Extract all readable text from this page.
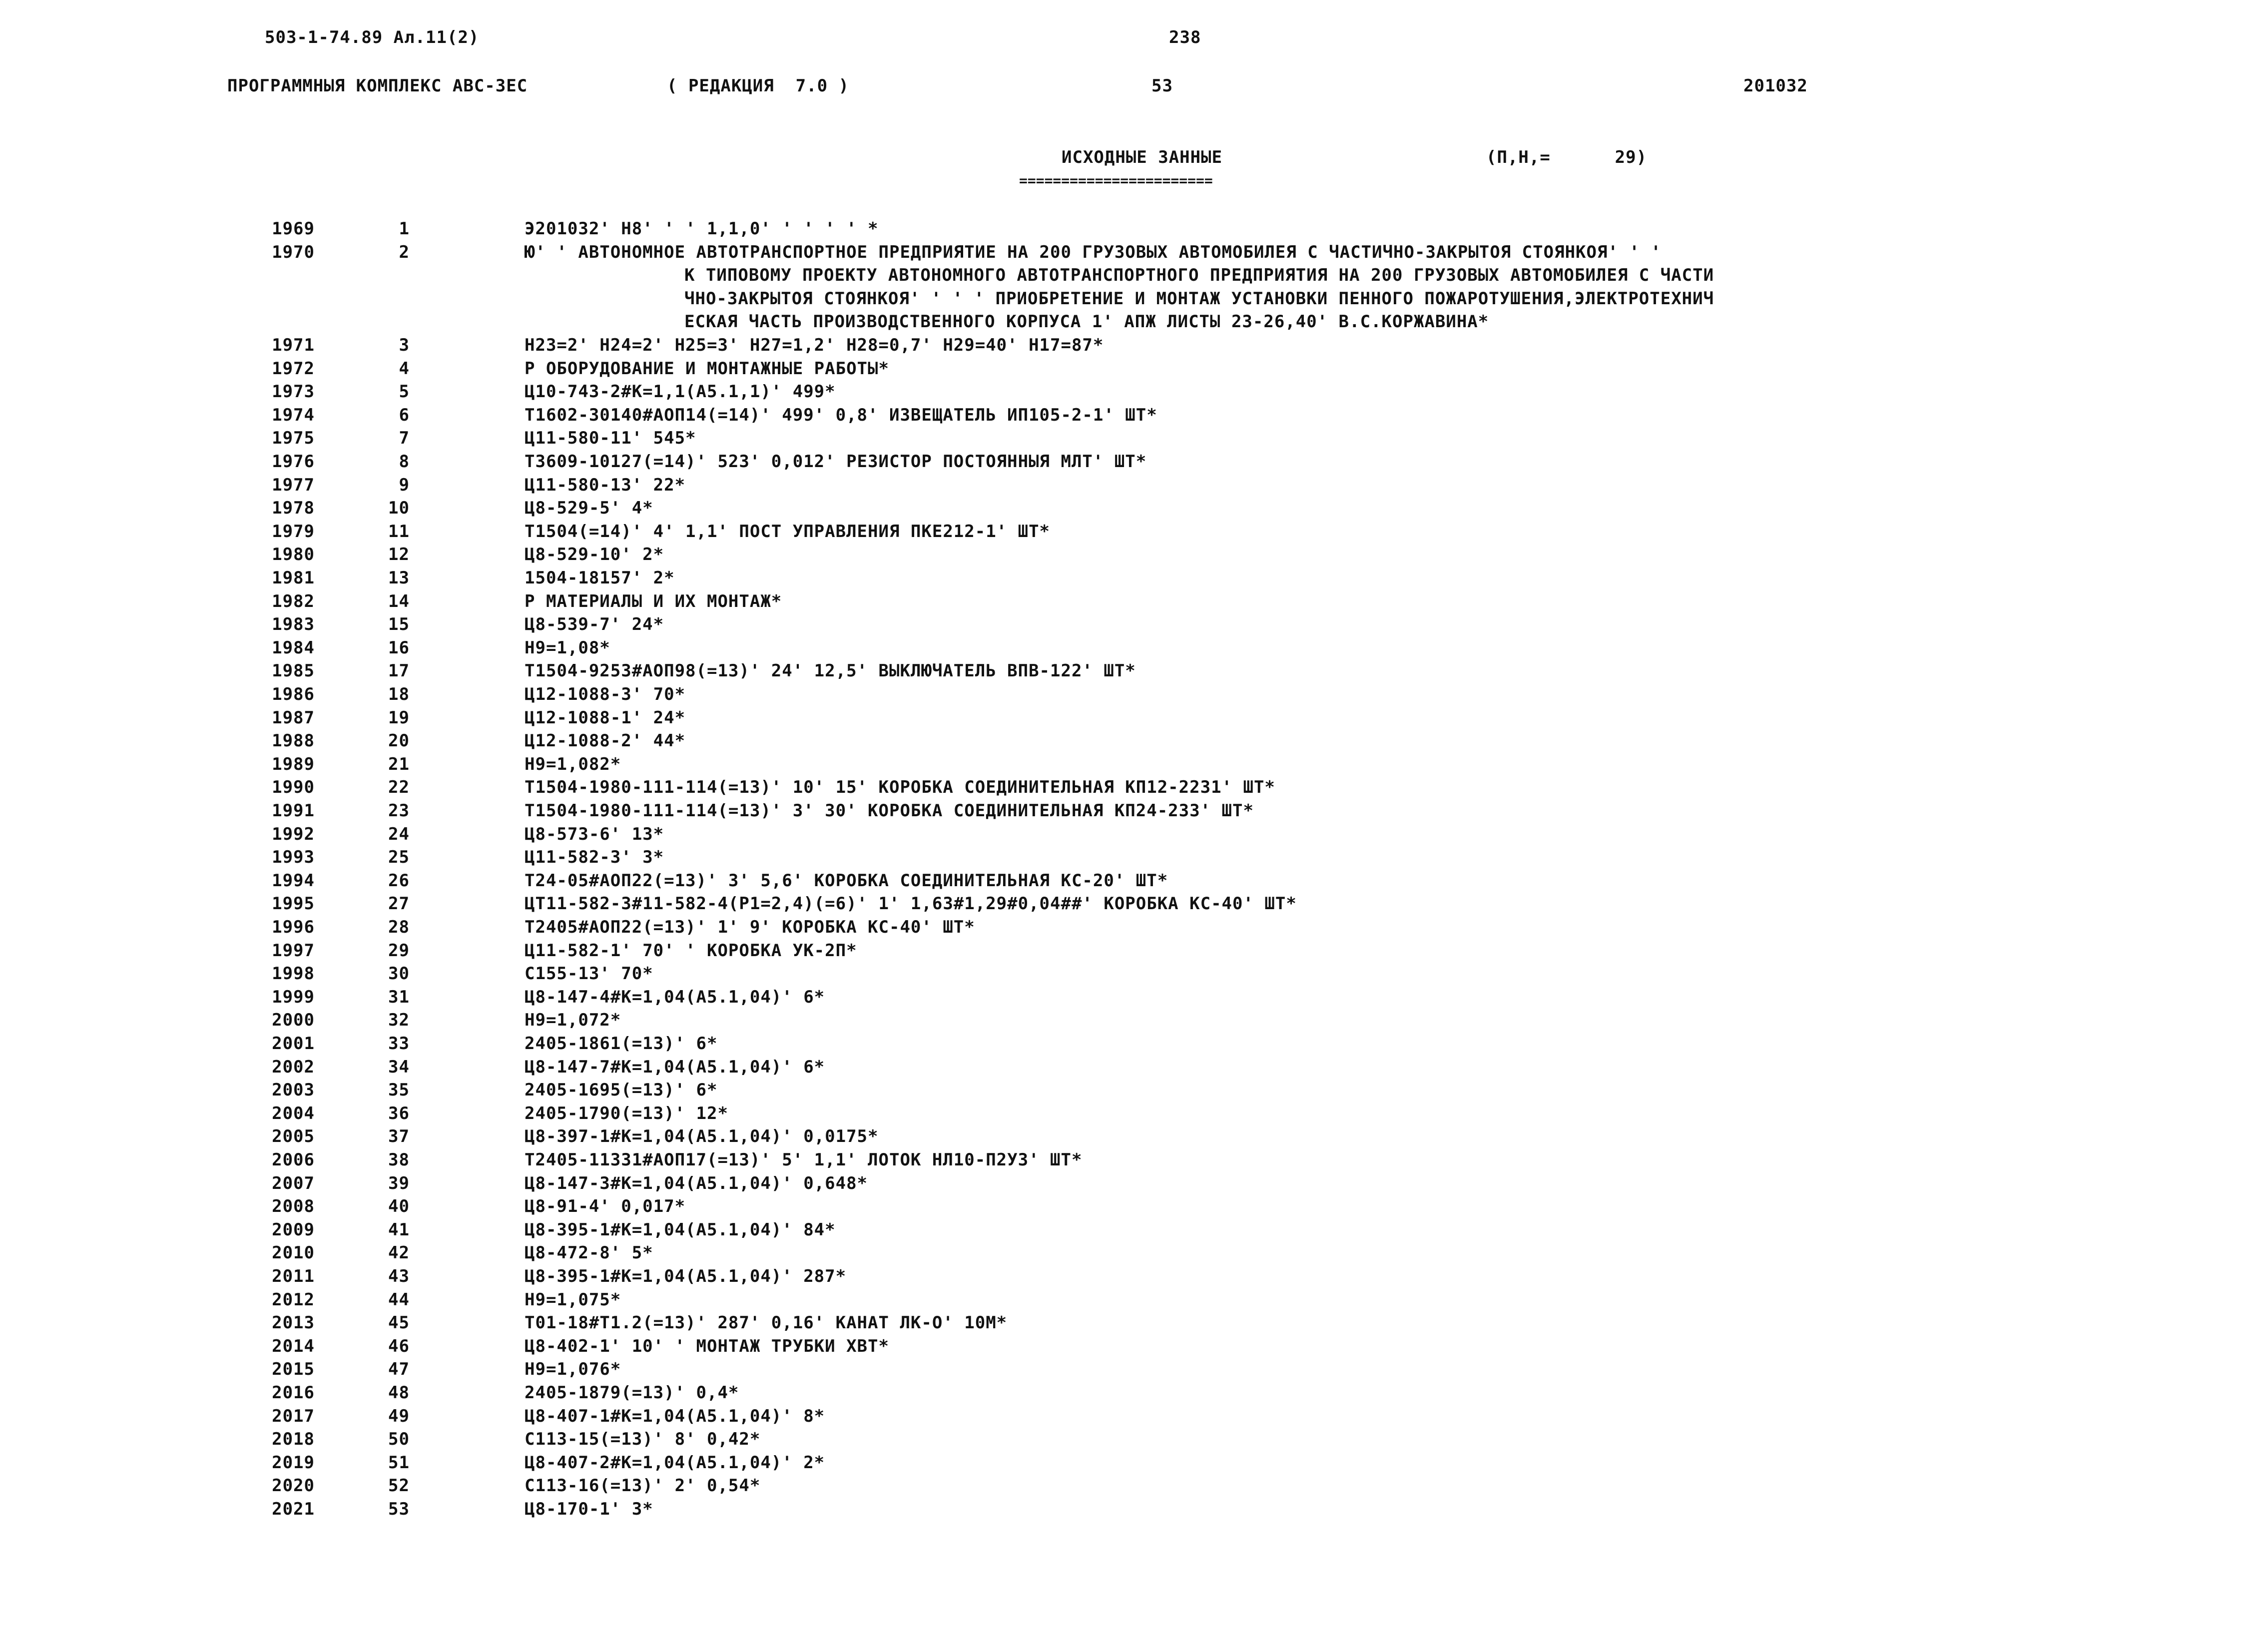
503-1-74.89 Ал.11(2)	238
ПРОГРАММНЫЯ КОМПЛЕКС АВС-3ЕС	( РЕДАКЦИЯ  7.0 )	53	201032
ИСХОДНЫЕ ЗАННЫЕ	(П,Н,=      29)
=======================
1969	1	Э201032' Н8' ' ' 1,1,0' ' ' ' ' *
1970	2	Ю' ' АВТОНОМНОЕ АВТОТРАНСПОРТНОЕ ПРЕДПРИЯТИЕ НА 200 ГРУЗОВЫХ АВТОМОБИЛЕЯ С ЧАСТИЧНО-ЗАКРЫТОЯ СТОЯНКОЯ' ' '
К ТИПОВОМУ ПРОЕКТУ АВТОНОМНОГО АВТОТРАНСПОРТНОГО ПРЕДПРИЯТИЯ НА 200 ГРУЗОВЫХ АВТОМОБИЛЕЯ С ЧАСТИ
ЧНО-ЗАКРЫТОЯ СТОЯНКОЯ' ' ' ' ПРИОБРЕТЕНИЕ И МОНТАЖ УСТАНОВКИ ПЕННОГО ПОЖАРОТУШЕНИЯ,ЭЛЕКТРОТЕХНИЧ
ЕСКАЯ ЧАСТЬ ПРОИЗВОДСТВЕННОГО КОРПУСА 1' АПЖ ЛИСТЫ 23-26,40' В.С.КОРЖАВИНА*
1971	3	Н23=2' Н24=2' Н25=3' Н27=1,2' Н28=0,7' Н29=40' Н17=87*
1972	4	Р ОБОРУДОВАНИЕ И МОНТАЖНЫЕ РАБОТЫ*
1973	5	Ц10-743-2#К=1,1(А5.1,1)' 499*
1974	6	Т1602-30140#АОП14(=14)' 499' 0,8' ИЗВЕЩАТЕЛЬ ИП105-2-1' ШТ*
1975	7	Ц11-580-11' 545*
1976	8	Т3609-10127(=14)' 523' 0,012' РЕЗИСТОР ПОСТОЯННЫЯ МЛТ' ШТ*
1977	9	Ц11-580-13' 22*
1978	10	Ц8-529-5' 4*
1979	11	Т1504(=14)' 4' 1,1' ПОСТ УПРАВЛЕНИЯ ПКЕ212-1' ШТ*
1980	12	Ц8-529-10' 2*
1981	13	1504-18157' 2*
1982	14	Р МАТЕРИАЛЫ И ИХ МОНТАЖ*
1983	15	Ц8-539-7' 24*
1984	16	Н9=1,08*
1985	17	Т1504-9253#АОП98(=13)' 24' 12,5' ВЫКЛЮЧАТЕЛЬ ВПВ-122' ШТ*
1986	18	Ц12-1088-3' 70*
1987	19	Ц12-1088-1' 24*
1988	20	Ц12-1088-2' 44*
1989	21	Н9=1,082*
1990	22	Т1504-1980-111-114(=13)' 10' 15' КОРОБКА СОЕДИНИТЕЛЬНАЯ КП12-2231' ШТ*
1991	23	Т1504-1980-111-114(=13)' 3' 30' КОРОБКА СОЕДИНИТЕЛЬНАЯ КП24-233' ШТ*
1992	24	Ц8-573-6' 13*
1993	25	Ц11-582-3' 3*
1994	26	Т24-05#АОП22(=13)' 3' 5,6' КОРОБКА СОЕДИНИТЕЛЬНАЯ КС-20' ШТ*
1995	27	ЦТ11-582-3#11-582-4(Р1=2,4)(=6)' 1' 1,63#1,29#0,04##' КОРОБКА КС-40' ШТ*
1996	28	Т2405#АОП22(=13)' 1' 9' КОРОБКА КС-40' ШТ*
1997	29	Ц11-582-1' 70' ' КОРОБКА УК-2П*
1998	30	С155-13' 70*
1999	31	Ц8-147-4#К=1,04(А5.1,04)' 6*
2000	32	Н9=1,072*
2001	33	2405-1861(=13)' 6*
2002	34	Ц8-147-7#К=1,04(А5.1,04)' 6*
2003	35	2405-1695(=13)' 6*
2004	36	2405-1790(=13)' 12*
2005	37	Ц8-397-1#К=1,04(А5.1,04)' 0,0175*
2006	38	Т2405-11331#АОП17(=13)' 5' 1,1' ЛОТОК НЛ10-П2У3' ШТ*
2007	39	Ц8-147-3#К=1,04(А5.1,04)' 0,648*
2008	40	Ц8-91-4' 0,017*
2009	41	Ц8-395-1#К=1,04(А5.1,04)' 84*
2010	42	Ц8-472-8' 5*
2011	43	Ц8-395-1#К=1,04(А5.1,04)' 287*
2012	44	Н9=1,075*
2013	45	Т01-18#Т1.2(=13)' 287' 0,16' КАНАТ ЛК-О' 10М*
2014	46	Ц8-402-1' 10' ' МОНТАЖ ТРУБКИ ХВТ*
2015	47	Н9=1,076*
2016	48	2405-1879(=13)' 0,4*
2017	49	Ц8-407-1#К=1,04(А5.1,04)' 8*
2018	50	С113-15(=13)' 8' 0,42*
2019	51	Ц8-407-2#К=1,04(А5.1,04)' 2*
2020	52	С113-16(=13)' 2' 0,54*
2021	53	Ц8-170-1' 3*
